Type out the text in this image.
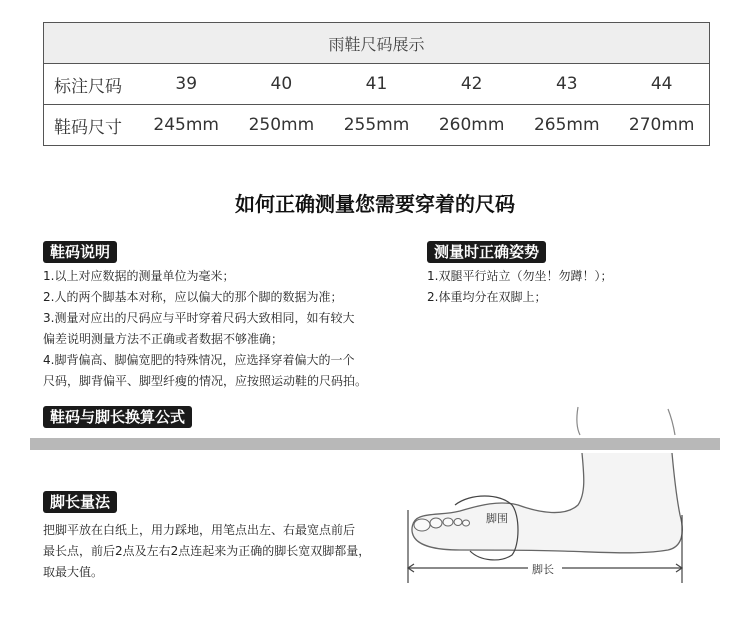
雨鞋尺码展示						
标注尺码	39	40	41	42	43	44
鞋码尺寸	245mm	250mm	255mm	260mm	265mm	270mm
如何正确测量您需要穿着的尺码
鞋码说明
1.以上对应数据的测量单位为毫米；
2.人的两个脚基本对称，应以偏大的那个脚的数据为准；
3.测量对应出的尺码应与平时穿着尺码大致相同，如有较大
偏差说明测量方法不正确或者数据不够准确；
4.脚背偏高、脚偏宽肥的特殊情况，应选择穿着偏大的一个
尺码，脚背偏平、脚型纤瘦的情况，应按照运动鞋的尺码拍。
测量时正确姿势
1.双腿平行站立（勿坐！勿蹲！）；
2.体重均分在双脚上；
鞋码与脚长换算公式
脚长量法
把脚平放在白纸上，用力踩地，用笔点出左、右最宽点前后
最长点，前后2点及左右2点连起来为正确的脚长宽双脚都量，
取最大值。
脚围
脚长
